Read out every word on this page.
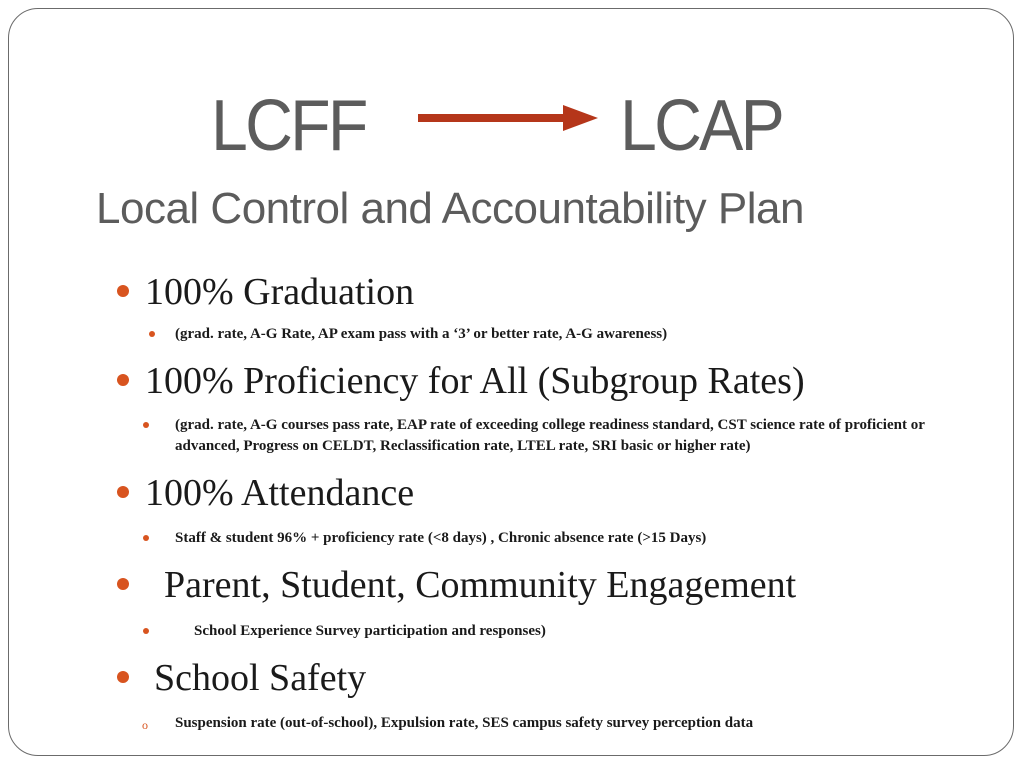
LCFF	LCAP
Local Control and Accountability Plan
100% Graduation
(grad. rate, A-G Rate, AP exam pass with a ‘3’ or better rate, A-G awareness)
100% Proficiency for All (Subgroup Rates)
(grad. rate, A-G courses pass rate, EAP rate of exceeding college readiness standard, CST science rate of proficient or advanced, Progress on CELDT, Reclassification rate, LTEL rate, SRI basic or higher rate)
100% Attendance
Staff & student 96% + proficiency rate (<8 days) , Chronic absence rate (>15 Days)
Parent, Student, Community Engagement
School Experience Survey participation and responses)
School Safety
o Suspension rate (out-of-school), Expulsion rate, SES campus safety survey perception data
